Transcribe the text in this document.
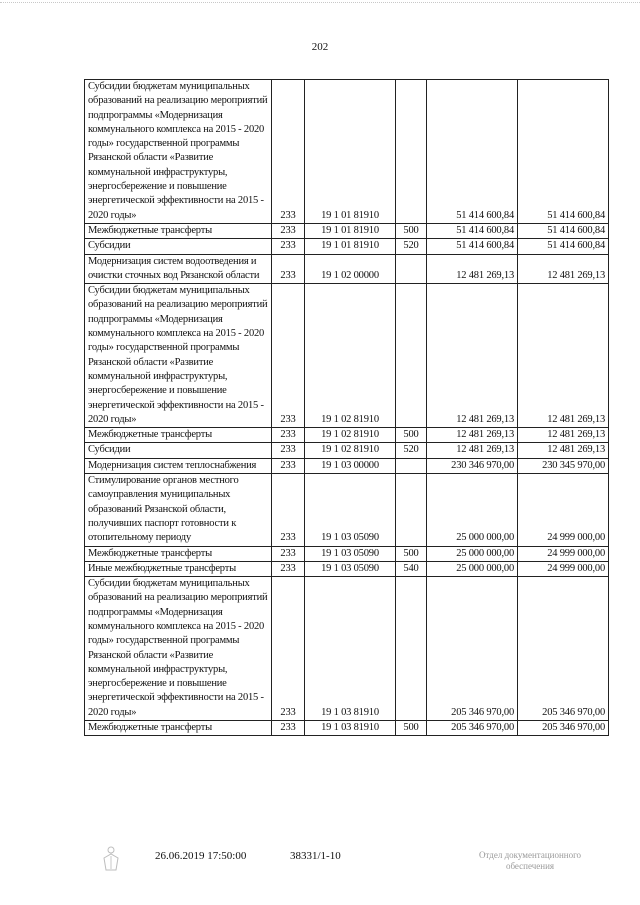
202
Субсидии бюджетам муниципальных образований на реализацию мероприятий подпрограммы «Модернизация коммунального комплекса на 2015 - 2020 годы» государственной программы Рязанской области «Развитие коммунальной инфраструктуры, энергосбережение и повышение энергетической эффективности на 2015 - 2020 годы»	233	19 1 01 81910		51 414 600,84	51 414 600,84
Межбюджетные трансферты	233	19 1 01 81910	500	51 414 600,84	51 414 600,84
Субсидии	233	19 1 01 81910	520	51 414 600,84	51 414 600,84
Модернизация систем водоотведения и очистки сточных вод Рязанской области	233	19 1 02 00000		12 481 269,13	12 481 269,13
Субсидии бюджетам муниципальных образований на реализацию мероприятий подпрограммы «Модернизация коммунального комплекса на 2015 - 2020 годы» государственной программы Рязанской области «Развитие коммунальной инфраструктуры, энергосбережение и повышение энергетической эффективности на 2015 - 2020 годы»	233	19 1 02 81910		12 481 269,13	12 481 269,13
Межбюджетные трансферты	233	19 1 02 81910	500	12 481 269,13	12 481 269,13
Субсидии	233	19 1 02 81910	520	12 481 269,13	12 481 269,13
Модернизация систем теплоснабжения	233	19 1 03 00000		230 346 970,00	230 345 970,00
Стимулирование органов местного самоуправления муниципальных образований Рязанской области, получивших паспорт готовности к отопительному периоду	233	19 1 03 05090		25 000 000,00	24 999 000,00
Межбюджетные трансферты	233	19 1 03 05090	500	25 000 000,00	24 999 000,00
Иные межбюджетные трансферты	233	19 1 03 05090	540	25 000 000,00	24 999 000,00
Субсидии бюджетам муниципальных образований на реализацию мероприятий подпрограммы «Модернизация коммунального комплекса на 2015 - 2020 годы» государственной программы Рязанской области «Развитие коммунальной инфраструктуры, энергосбережение и повышение энергетической эффективности на 2015 - 2020 годы»	233	19 1 03 81910		205 346 970,00	205 346 970,00
Межбюджетные трансферты	233	19 1 03 81910	500	205 346 970,00	205 346 970,00
26.06.2019 17:50:00	38331/1-10	Отдел документационного
обеспечения
